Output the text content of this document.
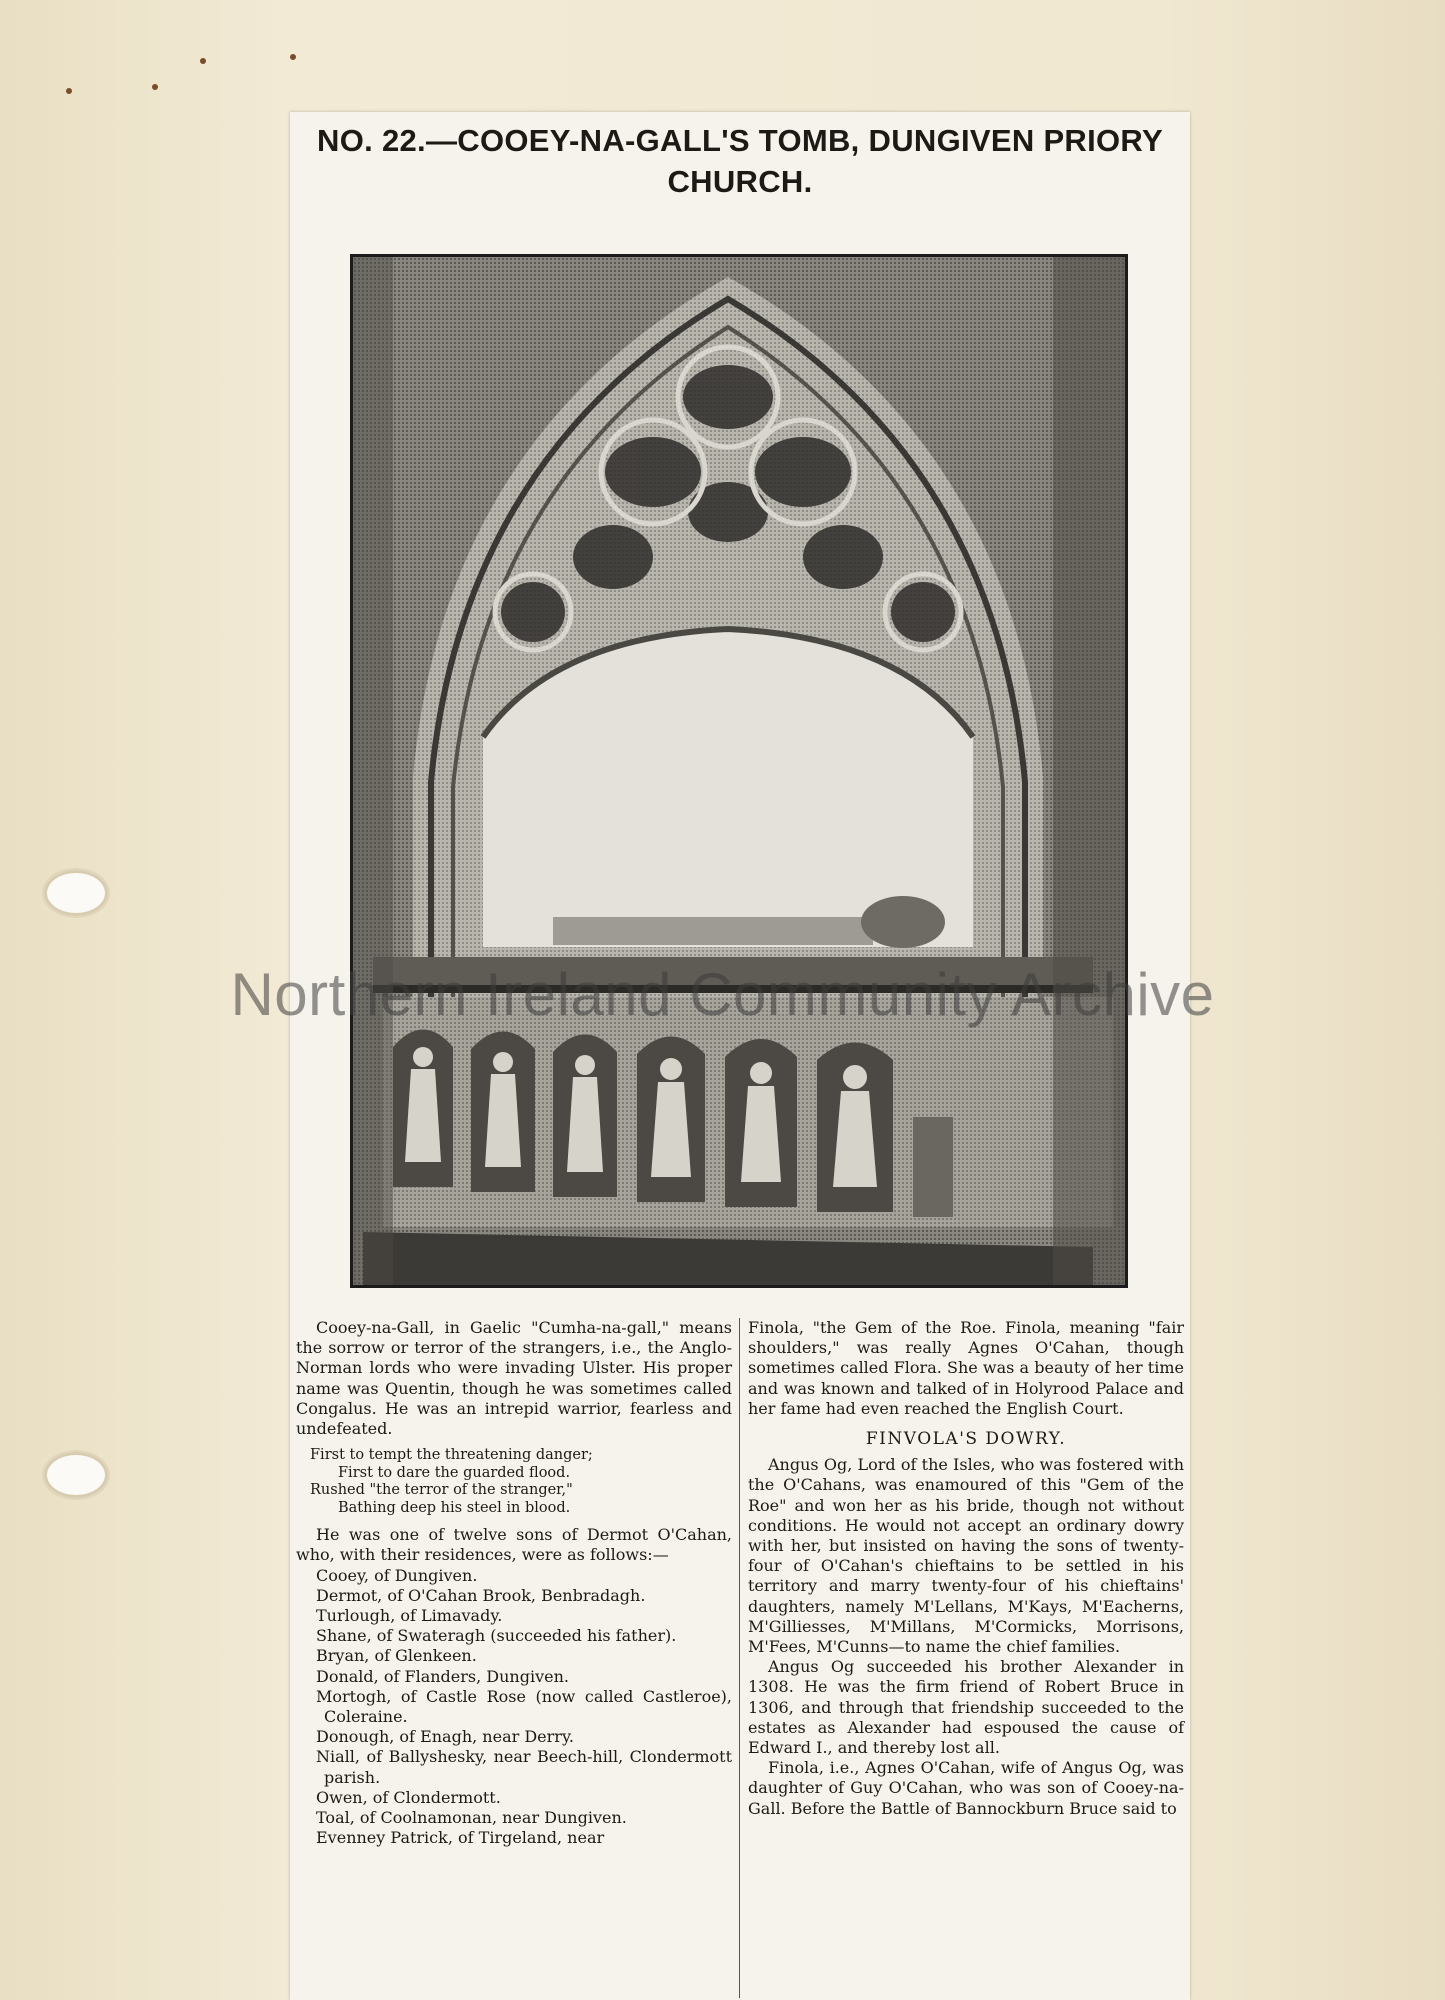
NO. 22.—COOEY-NA-GALL'S TOMB, DUNGIVEN PRIORY CHURCH.

Cooey-na-Gall, in Gaelic "Cumha-na-gall," means the sorrow or terror of the strangers, i.e., the Anglo-Norman lords who were invading Ulster. His proper name was Quentin, though he was sometimes called Congalus. He was an intrepid warrior, fearless and undefeated.

First to tempt the threatening danger;
First to dare the guarded flood.
Rushed "the terror of the stranger,"
Bathing deep his steel in blood.

He was one of twelve sons of Dermot O'Cahan, who, with their residences, were as follows:—

Cooey, of Dungiven.
Dermot, of O'Cahan Brook, Benbradagh.
Turlough, of Limavady.
Shane, of Swateragh (succeeded his father).
Bryan, of Glenkeen.
Donald, of Flanders, Dungiven.
Mortogh, of Castle Rose (now called Castleroe), Coleraine.
Donough, of Enagh, near Derry.
Niall, of Ballyshesky, near Beech-hill, Clondermott parish.
Owen, of Clondermott.
Toal, of Coolnamonan, near Dungiven.
Evenney Patrick, of Tirgeland, near

Finola, "the Gem of the Roe. Finola, meaning "fair shoulders," was really Agnes O'Cahan, though sometimes called Flora. She was a beauty of her time and was known and talked of in Holyrood Palace and her fame had even reached the English Court.

FINVOLA'S DOWRY.

Angus Og, Lord of the Isles, who was fostered with the O'Cahans, was enamoured of this "Gem of the Roe" and won her as his bride, though not without conditions. He would not accept an ordinary dowry with her, but insisted on having the sons of twenty-four of O'Cahan's chieftains to be settled in his territory and marry twenty-four of his chieftains' daughters, namely M'Lellans, M'Kays, M'Eacherns, M'Gilliesses, M'Millans, M'Cormicks, Morrisons, M'Fees, M'Cunns—to name the chief families.

Angus Og succeeded his brother Alexander in 1308. He was the firm friend of Robert Bruce in 1306, and through that friendship succeeded to the estates as Alexander had espoused the cause of Edward I., and thereby lost all.

Finola, i.e., Agnes O'Cahan, wife of Angus Og, was daughter of Guy O'Cahan, who was son of Cooey-na-Gall. Before the Battle of Bannockburn Bruce said to

Northern Ireland Community Archive
